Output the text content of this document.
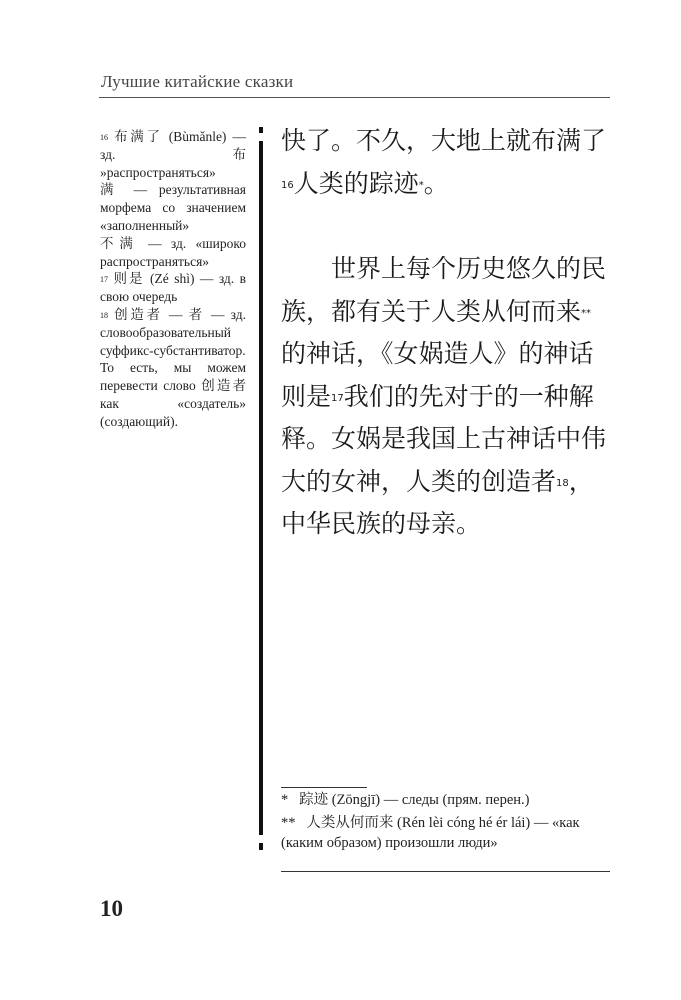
Лучшие китайские сказки

$^{16}$ 布满了 (Bùmǎnle) — зд. 布 »распространяться»

满 — результативная морфема со значением «заполненный»

不满 — зд. «широко распространяться»

$^{17}$ 则是 (Zé shì) — зд. в свою очередь

$^{18}$ 创造者 — 者 — зд. словообразовательный суффикс-субстантиватор. То есть, мы можем перевести слово 创造者 как «создатель» (создающий).

快了。不久，大地上就布满了$^{16}$人类的踪迹*。

世界上每个历史悠久的民族，都有关于人类从何而来**的神话，《女娲造人》的神话则是$^{17}$我们的先对于的一种解释。女娲是我国上古神话中伟大的女神，人类的创造者$^{18}$，中华民族的母亲。

* 踪迹 (Zōngjī) — следы (прям. перен.)

** 人类从何而来 (Rén lèi cóng hé ér lái) — «как (каким образом) произошли люди»

10
